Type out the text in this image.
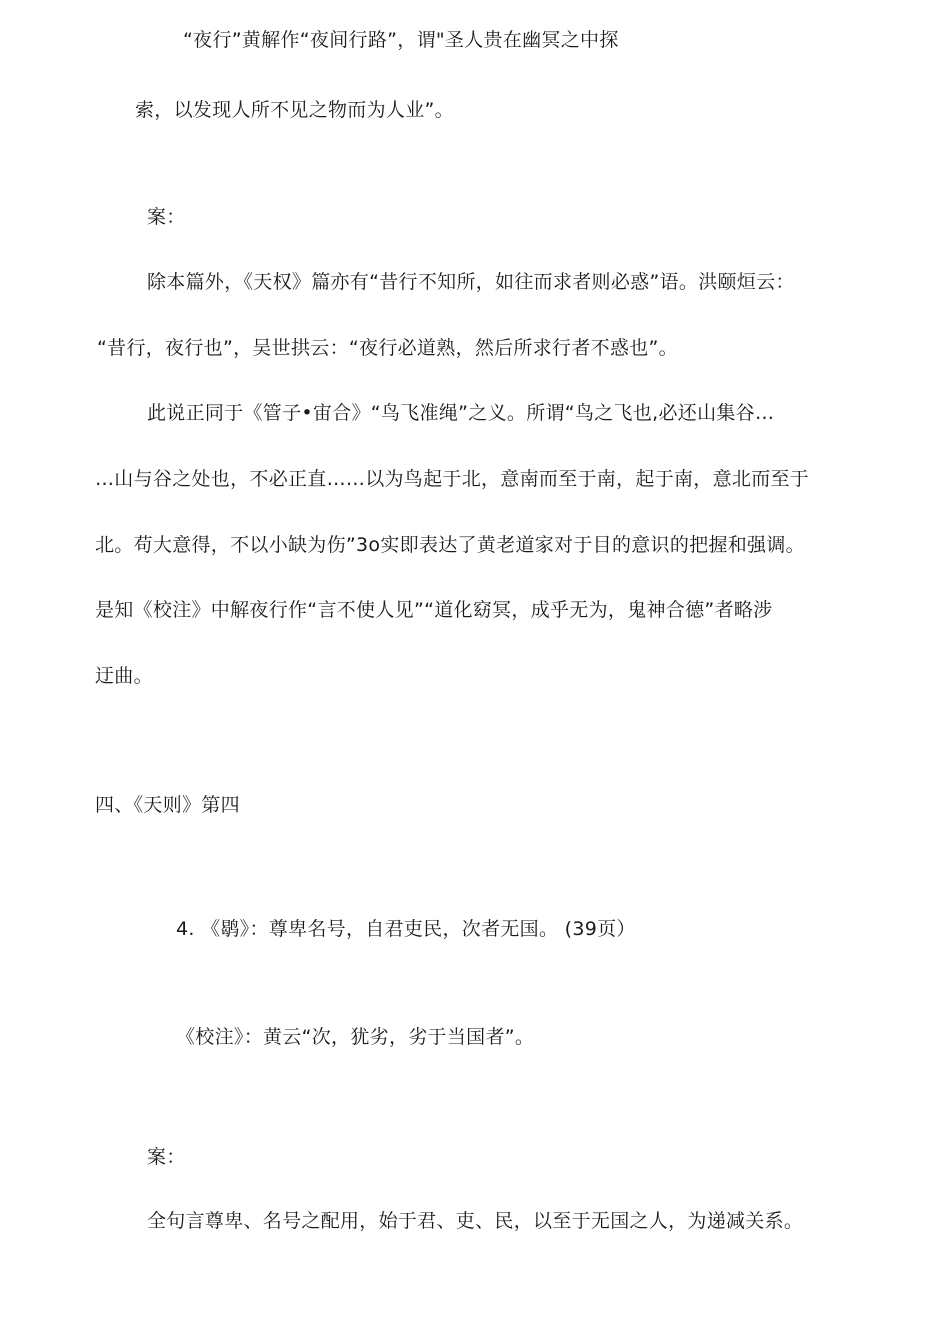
“夜行”黄解作“夜间行路”，谓"圣人贵在幽冥之中探
索，以发现人所不见之物而为人业”。
案：
除本篇外，《天权》篇亦有“昔行不知所，如往而求者则必惑”语。洪颐烜云：
“昔行，夜行也”，吴世拱云：“夜行必道熟，然后所求行者不惑也”。
此说正同于《管子•宙合》“鸟飞准绳”之义。所谓“鸟之飞也,必还山集谷…
…山与谷之处也，不必正直……以为鸟起于北，意南而至于南，起于南，意北而至于
北。苟大意得，不以小缺为伤”3o实即表达了黄老道家对于目的意识的把握和强调。
是知《校注》中解夜行作“言不使人见”“道化窈冥，成乎无为，鬼神合德”者略涉
迂曲。
四、《天则》第四
4. 《鹖》：尊卑名号，自君吏民，次者无国。 (39页）
《校注》：黄云“次，犹劣，劣于当国者”。
案：
全句言尊卑、名号之配用，始于君、吏、民，以至于无国之人，为递减关系。
